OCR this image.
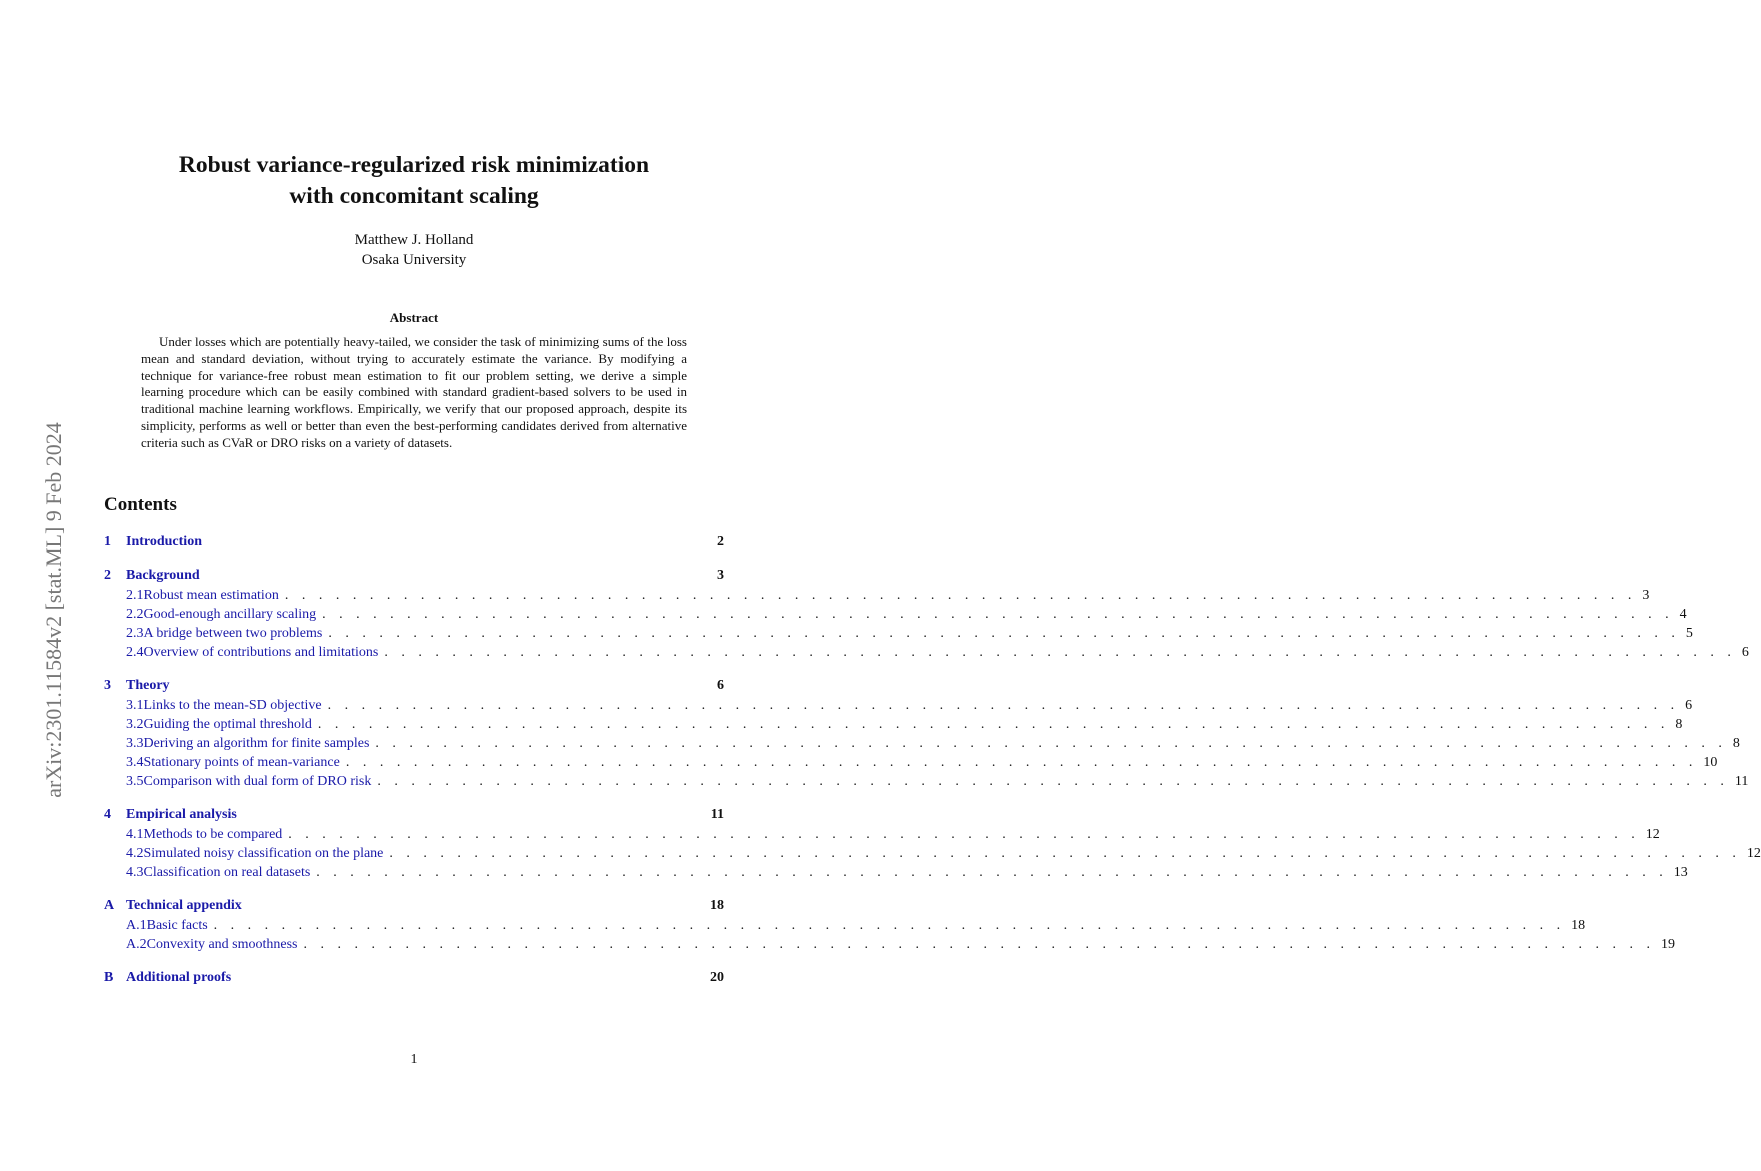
arXiv:2301.11584v2 [stat.ML] 9 Feb 2024
Robust variance-regularized risk minimization
with concomitant scaling
Matthew J. Holland
Osaka University
Abstract
Under losses which are potentially heavy-tailed, we consider the task of minimizing sums of the loss mean and standard deviation, without trying to accurately estimate the variance. By modifying a technique for variance-free robust mean estimation to fit our problem setting, we derive a simple learning procedure which can be easily combined with standard gradient-based solvers to be used in traditional machine learning workflows. Empirically, we verify that our proposed approach, despite its simplicity, performs as well or better than even the best-performing candidates derived from alternative criteria such as CVaR or DRO risks on a variety of datasets.
Contents
1	Introduction	2
2	Background	3
2.1 Robust mean estimation . . . . . . . . . . . . . . . . . . . . . . . . . . . . . . . . . . . . . . . . . . . . . . . . . . . . . . . . . . . . . . . . . . . . . . . . . . . . . . . . 3
2.2 Good-enough ancillary scaling . . . . . . . . . . . . . . . . . . . . . . . . . . . . . . . . . . . . . . . . . . . . . . . . . . . . . . . . . . . . . . . . . . . . . . . . . . . . . . . . 4
2.3 A bridge between two problems . . . . . . . . . . . . . . . . . . . . . . . . . . . . . . . . . . . . . . . . . . . . . . . . . . . . . . . . . . . . . . . . . . . . . . . . . . . . . . . . 5
2.4 Overview of contributions and limitations . . . . . . . . . . . . . . . . . . . . . . . . . . . . . . . . . . . . . . . . . . . . . . . . . . . . . . . . . . . . . . . . . . . . . . . . . . . . . . . . 6
3	Theory	6
3.1 Links to the mean-SD objective . . . . . . . . . . . . . . . . . . . . . . . . . . . . . . . . . . . . . . . . . . . . . . . . . . . . . . . . . . . . . . . . . . . . . . . . . . . . . . . . 6
3.2 Guiding the optimal threshold . . . . . . . . . . . . . . . . . . . . . . . . . . . . . . . . . . . . . . . . . . . . . . . . . . . . . . . . . . . . . . . . . . . . . . . . . . . . . . . . 8
3.3 Deriving an algorithm for finite samples . . . . . . . . . . . . . . . . . . . . . . . . . . . . . . . . . . . . . . . . . . . . . . . . . . . . . . . . . . . . . . . . . . . . . . . . . . . . . . . . 8
3.4 Stationary points of mean-variance . . . . . . . . . . . . . . . . . . . . . . . . . . . . . . . . . . . . . . . . . . . . . . . . . . . . . . . . . . . . . . . . . . . . . . . . . . . . . . . . 10
3.5 Comparison with dual form of DRO risk . . . . . . . . . . . . . . . . . . . . . . . . . . . . . . . . . . . . . . . . . . . . . . . . . . . . . . . . . . . . . . . . . . . . . . . . . . . . . . . . 11
4	Empirical analysis	11
4.1 Methods to be compared . . . . . . . . . . . . . . . . . . . . . . . . . . . . . . . . . . . . . . . . . . . . . . . . . . . . . . . . . . . . . . . . . . . . . . . . . . . . . . . . 12
4.2 Simulated noisy classification on the plane . . . . . . . . . . . . . . . . . . . . . . . . . . . . . . . . . . . . . . . . . . . . . . . . . . . . . . . . . . . . . . . . . . . . . . . . . . . . . . . . 12
4.3 Classification on real datasets . . . . . . . . . . . . . . . . . . . . . . . . . . . . . . . . . . . . . . . . . . . . . . . . . . . . . . . . . . . . . . . . . . . . . . . . . . . . . . . . 13
A Technical appendix	18
A.1 Basic facts . . . . . . . . . . . . . . . . . . . . . . . . . . . . . . . . . . . . . . . . . . . . . . . . . . . . . . . . . . . . . . . . . . . . . . . . . . . . . . . . 18
A.2 Convexity and smoothness . . . . . . . . . . . . . . . . . . . . . . . . . . . . . . . . . . . . . . . . . . . . . . . . . . . . . . . . . . . . . . . . . . . . . . . . . . . . . . . . 19
B Additional proofs	20
1
